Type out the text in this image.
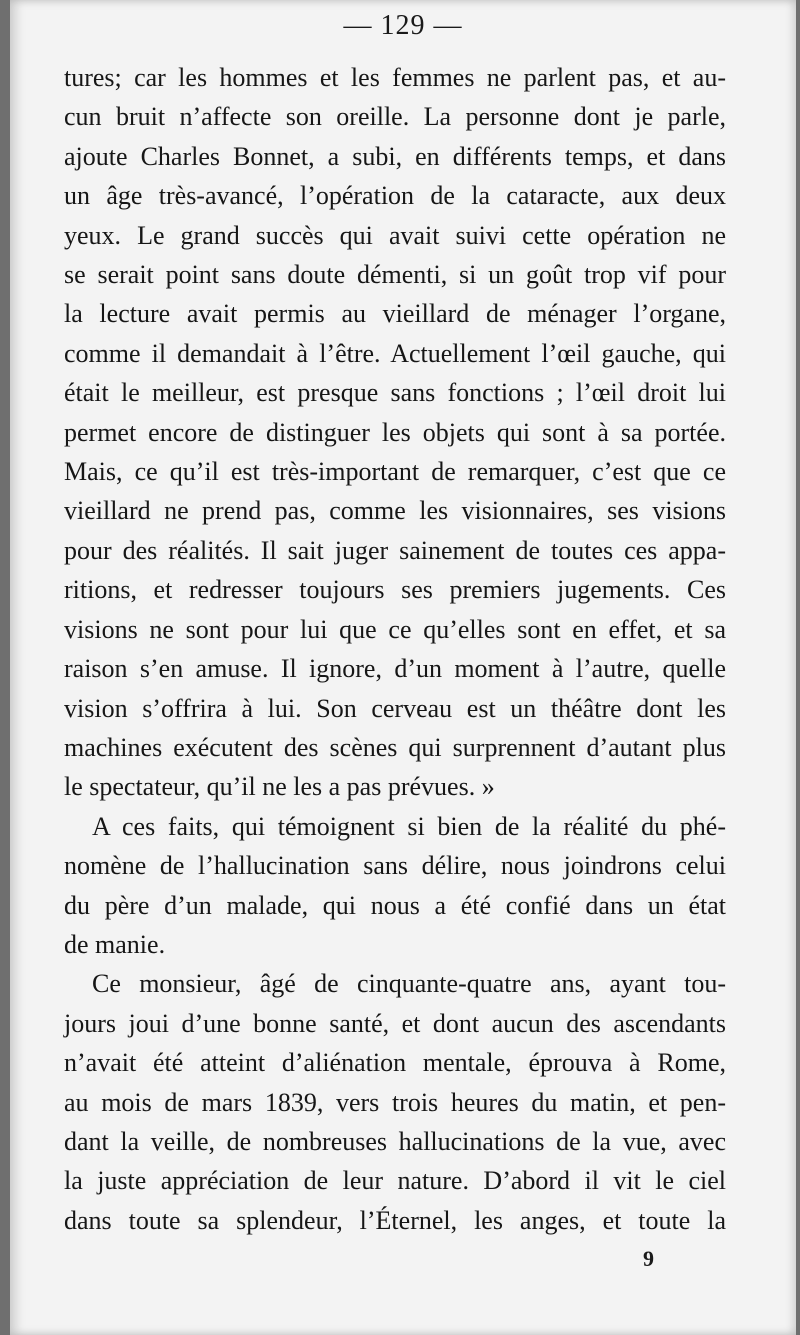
— 129 —
tures; car les hommes et les femmes ne parlent pas, et au-
cun bruit n’affecte son oreille. La personne dont je parle,
ajoute Charles Bonnet, a subi, en différents temps, et dans
un âge très-avancé, l’opération de la cataracte, aux deux
yeux. Le grand succès qui avait suivi cette opération ne
se serait point sans doute démenti, si un goût trop vif pour
la lecture avait permis au vieillard de ménager l’organe,
comme il demandait à l’être. Actuellement l’œil gauche, qui
était le meilleur, est presque sans fonctions ; l’œil droit lui
permet encore de distinguer les objets qui sont à sa portée.
Mais, ce qu’il est très-important de remarquer, c’est que ce
vieillard ne prend pas, comme les visionnaires, ses visions
pour des réalités. Il sait juger sainement de toutes ces appa-
ritions, et redresser toujours ses premiers jugements. Ces
visions ne sont pour lui que ce qu’elles sont en effet, et sa
raison s’en amuse. Il ignore, d’un moment à l’autre, quelle
vision s’offrira à lui. Son cerveau est un théâtre dont les
machines exécutent des scènes qui surprennent d’autant plus
le spectateur, qu’il ne les a pas prévues. »
A ces faits, qui témoignent si bien de la réalité du phé-
nomène de l’hallucination sans délire, nous joindrons celui
du père d’un malade, qui nous a été confié dans un état
de manie.
Ce monsieur, âgé de cinquante-quatre ans, ayant tou-
jours joui d’une bonne santé, et dont aucun des ascendants
n’avait été atteint d’aliénation mentale, éprouva à Rome,
au mois de mars 1839, vers trois heures du matin, et pen-
dant la veille, de nombreuses hallucinations de la vue, avec
la juste appréciation de leur nature. D’abord il vit le ciel
dans toute sa splendeur, l’Éternel, les anges, et toute la
9
